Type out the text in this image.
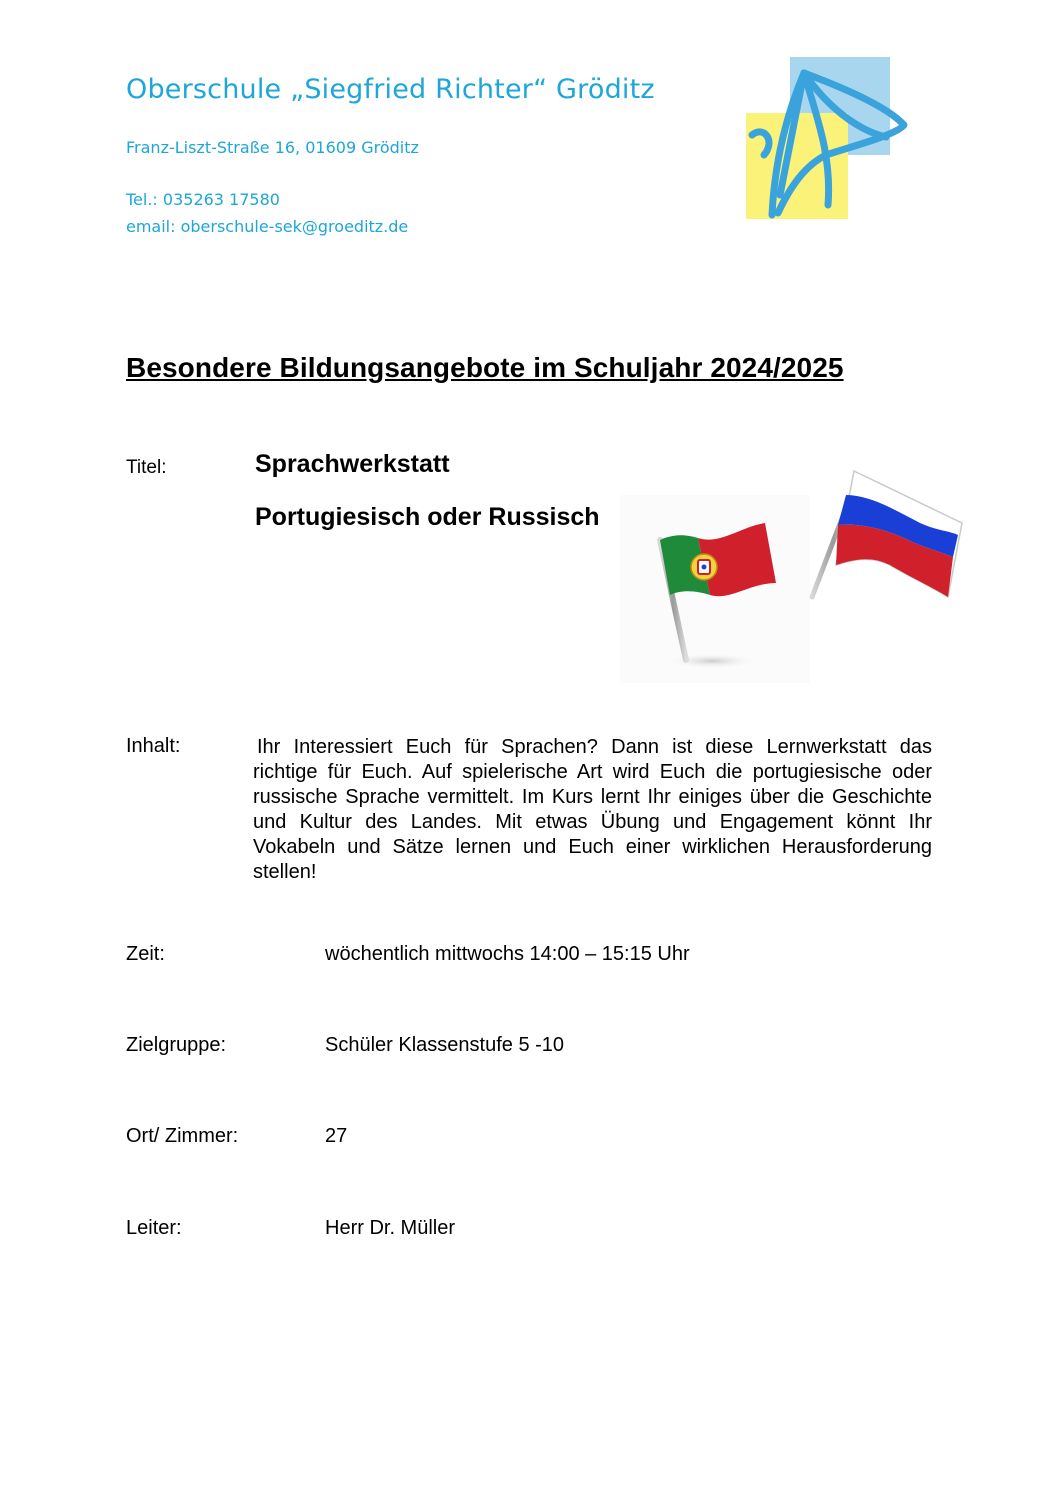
Oberschule „Siegfried Richter“ Gröditz
Franz-Liszt-Straße 16, 01609 Gröditz
Tel.: 035263 17580
email: oberschule-sek@groeditz.de
Besondere Bildungsangebote im Schuljahr 2024/2025
Titel:	Sprachwerkstatt
Portugiesisch oder Russisch
Inhalt:	Ihr Interessiert Euch für Sprachen? Dann ist diese Lernwerkstatt das richtige für Euch. Auf spielerische Art wird Euch die portugiesische oder russische Sprache vermittelt. Im Kurs lernt Ihr einiges über die Geschichte und Kultur des Landes. Mit etwas Übung und Engagement könnt Ihr Vokabeln und Sätze lernen und Euch einer wirklichen Herausforderung stellen!
Zeit:	wöchentlich mittwochs 14:00 – 15:15 Uhr
Zielgruppe:	Schüler Klassenstufe 5 -10
Ort/ Zimmer:	27
Leiter:	Herr Dr. Müller
